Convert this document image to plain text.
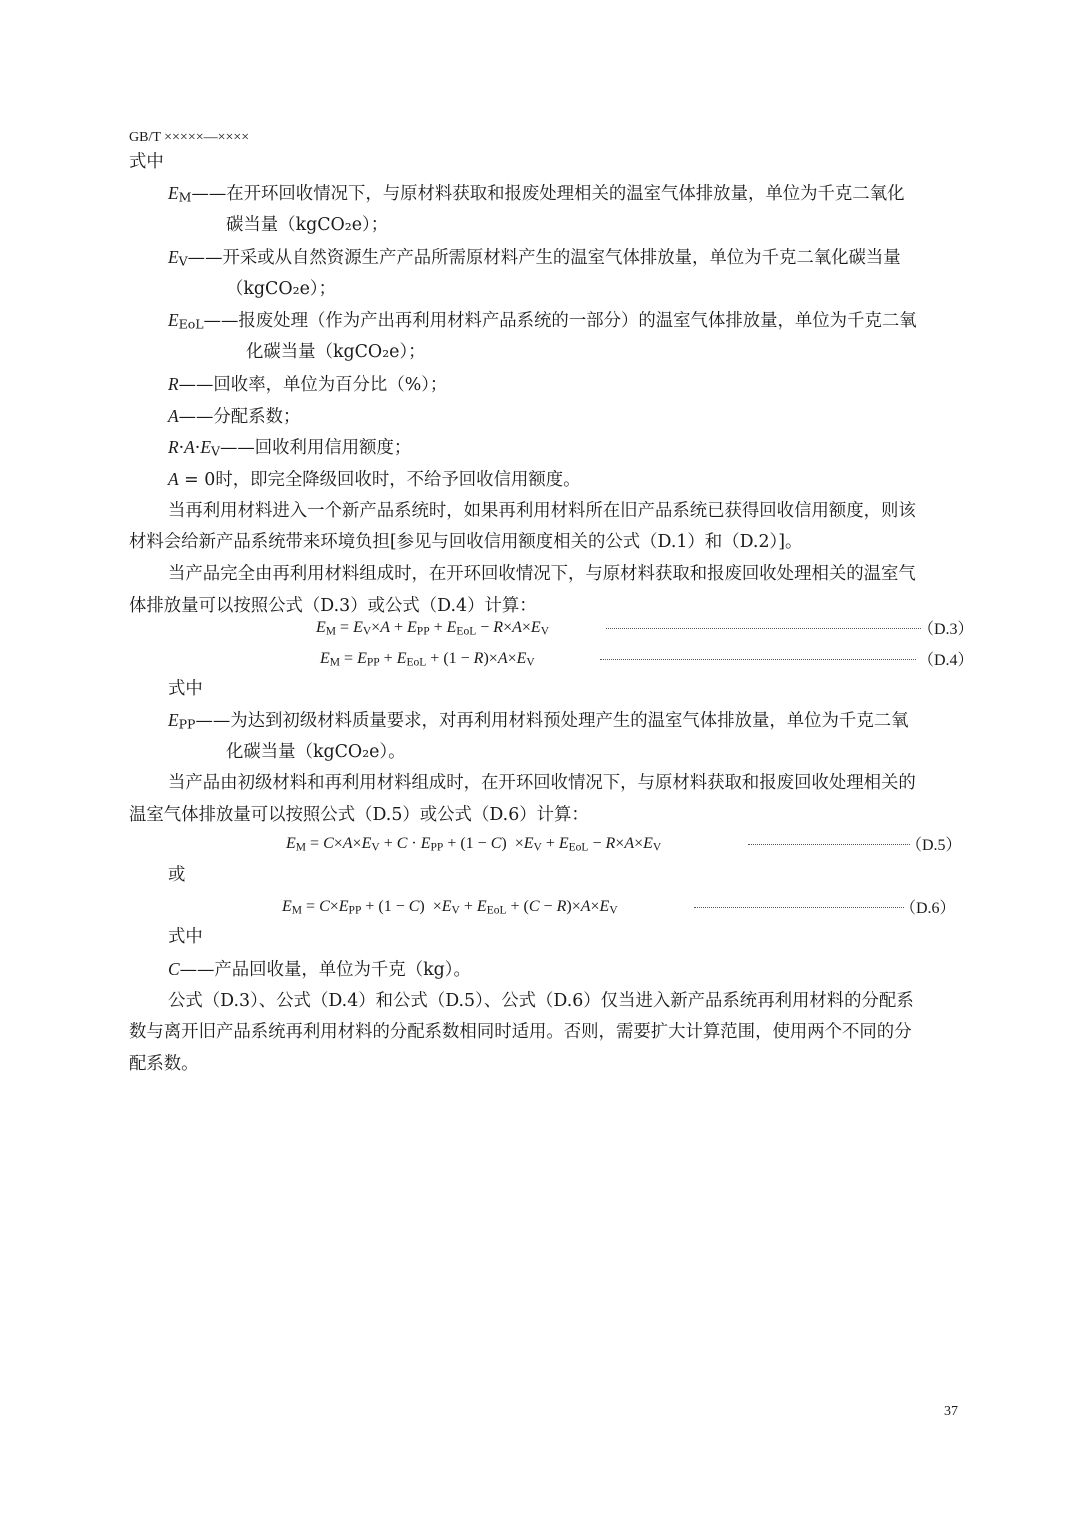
GB/T ×××××—××××
式中
$E_M——$在开环回收情况下，与原材料获取和报废处理相关的温室气体排放量，单位为千克二氧化
碳当量（kgCO₂e）；
$E_V——$开采或从自然资源生产产品所需原材料产生的温室气体排放量，单位为千克二氧化碳当量
（kgCO₂e）；
$E_{EoL}——$报废处理（作为产出再利用材料产品系统的一部分）的温室气体排放量，单位为千克二氧
化碳当量（kgCO₂e）；
R——回收率，单位为百分比（%）；
A——分配系数；
$R\cdot A\cdot E_V——$回收利用信用额度；
A = 0时，即完全降级回收时，不给予回收信用额度。
当再利用材料进入一个新产品系统时，如果再利用材料所在旧产品系统已获得回收信用额度，则该
材料会给新产品系统带来环境负担[参见与回收信用额度相关的公式（D.1）和（D.2）]。
当产品完全由再利用材料组成时，在开环回收情况下，与原材料获取和报废回收处理相关的温室气
体排放量可以按照公式（D.3）或公式（D.4）计算：
$E_M = E_V\times A + E_{PP} + E_{EoL} - R\times A\times E_V$	（D.3）
$E_M = E_{PP} + E_{EoL} + (1 - R)\times A\times E_V$	（D.4）
式中
$E_{PP}——$为达到初级材料质量要求，对再利用材料预处理产生的温室气体排放量，单位为千克二氧
化碳当量（kgCO₂e）。
当产品由初级材料和再利用材料组成时，在开环回收情况下，与原材料获取和报废回收处理相关的
温室气体排放量可以按照公式（D.5）或公式（D.6）计算：
$E_M = C\times A\times E_V + C \cdot E_{PP} + (1 - C) \times E_V + E_{EoL} - R\times A\times E_V$	（D.5）
或
$E_M = C\times E_{PP} + (1 - C) \times E_V + E_{EoL} + (C - R)\times A\times E_V$	（D.6）
式中
C——产品回收量，单位为千克（kg）。
公式（D.3）、公式（D.4）和公式（D.5）、公式（D.6）仅当进入新产品系统再利用材料的分配系
数与离开旧产品系统再利用材料的分配系数相同时适用。否则，需要扩大计算范围，使用两个不同的分
配系数。
37
